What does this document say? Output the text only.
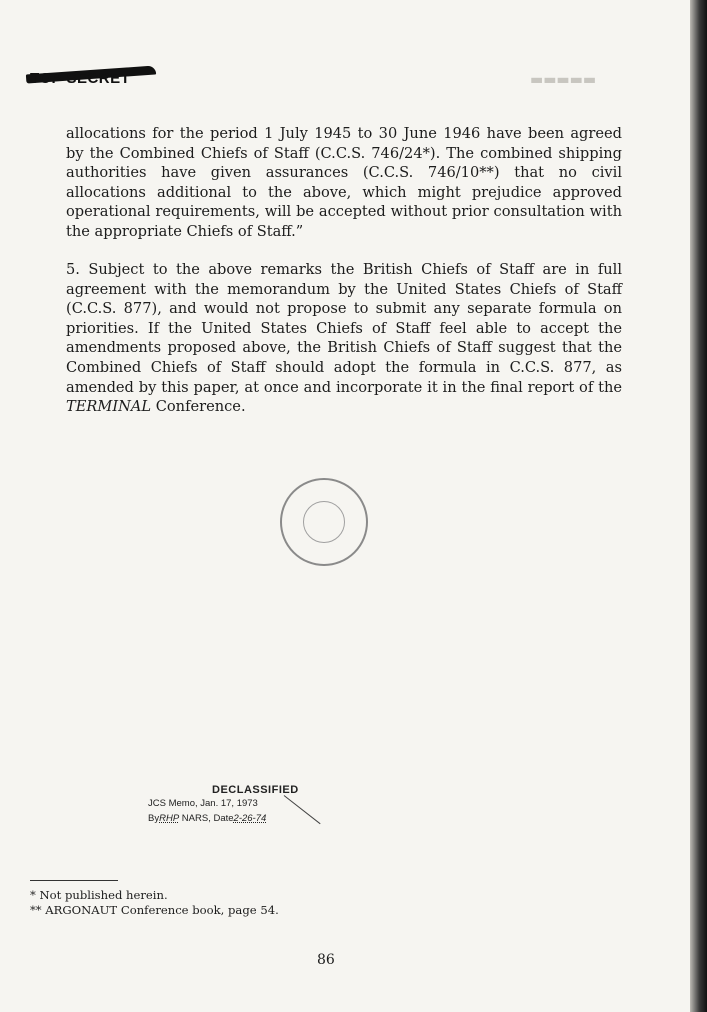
TOP SECRET	▬▬▬▬▬
allocations for the period 1 July 1945 to 30 June 1946 have been agreed by the Combined Chiefs of Staff (C.C.S. 746/24*). The combined shipping authorities have given assurances (C.C.S. 746/10**) that no civil allocations additional to the above, which might prejudice approved operational requirements, will be accepted without prior consultation with the appropriate Chiefs of Staff.”
5. Subject to the above remarks the British Chiefs of Staff are in full agreement with the memorandum by the United States Chiefs of Staff (C.C.S. 877), and would not propose to submit any separate formula on priorities. If the United States Chiefs of Staff feel able to accept the amendments proposed above, the British Chiefs of Staff suggest that the Combined Chiefs of Staff should adopt the formula in C.C.S. 877, as amended by this paper, at once and incorporate it in the final report of the TERMINAL Conference.
DECLASSIFIED
JCS Memo, Jan. 17, 1973
ByRHP NARS, Date2-26-74
* Not published herein.
** ARGONAUT Conference book, page 54.
86
